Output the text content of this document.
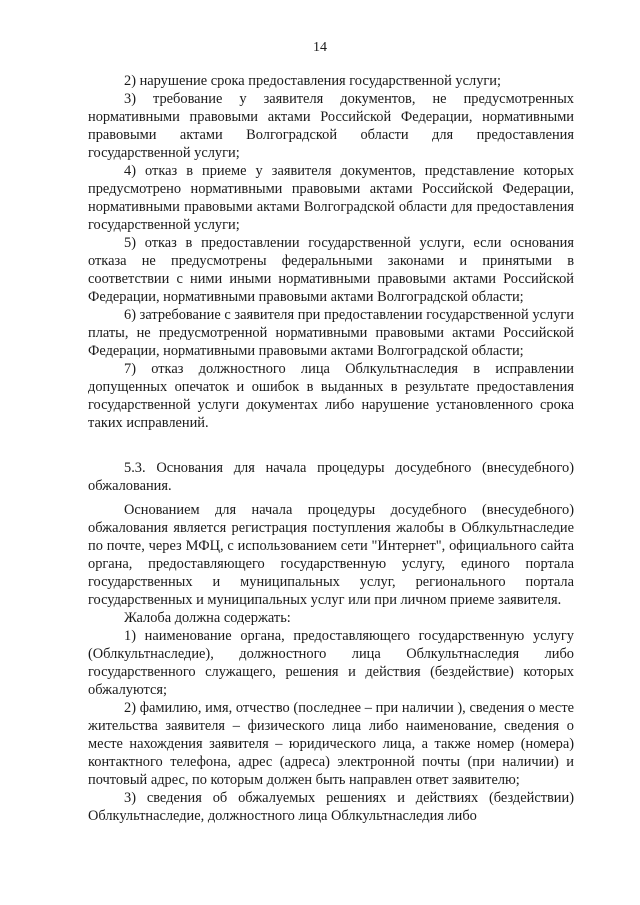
14

2) нарушение срока предоставления государственной услуги;

3) требование у заявителя документов, не предусмотренных нормативными правовыми актами Российской Федерации, нормативными правовыми актами Волгоградской области для предоставления государственной услуги;

4) отказ в приеме у заявителя документов, представление которых предусмотрено нормативными правовыми актами Российской Федерации, нормативными правовыми актами Волгоградской области для предоставления государственной услуги;

5) отказ в предоставлении государственной услуги, если основания отказа не предусмотрены федеральными законами и принятыми в соответствии с ними иными нормативными правовыми актами Российской Федерации, нормативными правовыми актами Волгоградской области;

6) затребование с заявителя при предоставлении государственной услуги платы, не предусмотренной нормативными правовыми актами Российской Федерации, нормативными правовыми актами Волгоградской области;

7) отказ должностного лица Облкультнаследия в исправлении допущенных опечаток и ошибок в выданных в результате предоставления государственной услуги документах либо нарушение установленного срока таких исправлений.

5.3. Основания для начала процедуры досудебного (внесудебного) обжалования.

Основанием для начала процедуры досудебного (внесудебного) обжалования является регистрация поступления жалобы в Облкультнаследие по почте, через МФЦ, с использованием сети "Интернет", официального сайта органа, предоставляющего государственную услугу, единого портала государственных и муниципальных услуг, регионального портала государственных и муниципальных услуг или при личном приеме заявителя.

Жалоба должна содержать:

1) наименование органа, предоставляющего государственную услугу (Облкультнаследие), должностного лица Облкультнаследия либо государственного служащего, решения и действия (бездействие) которых обжалуются;

2) фамилию, имя, отчество (последнее – при наличии ), сведения о месте жительства заявителя – физического лица либо наименование, сведения о месте нахождения заявителя – юридического лица, а также номер (номера) контактного телефона, адрес (адреса) электронной почты (при наличии) и почтовый адрес, по которым должен быть направлен ответ заявителю;

3) сведения об обжалуемых решениях и действиях (бездействии) Облкультнаследие, должностного лица Облкультнаследия либо
